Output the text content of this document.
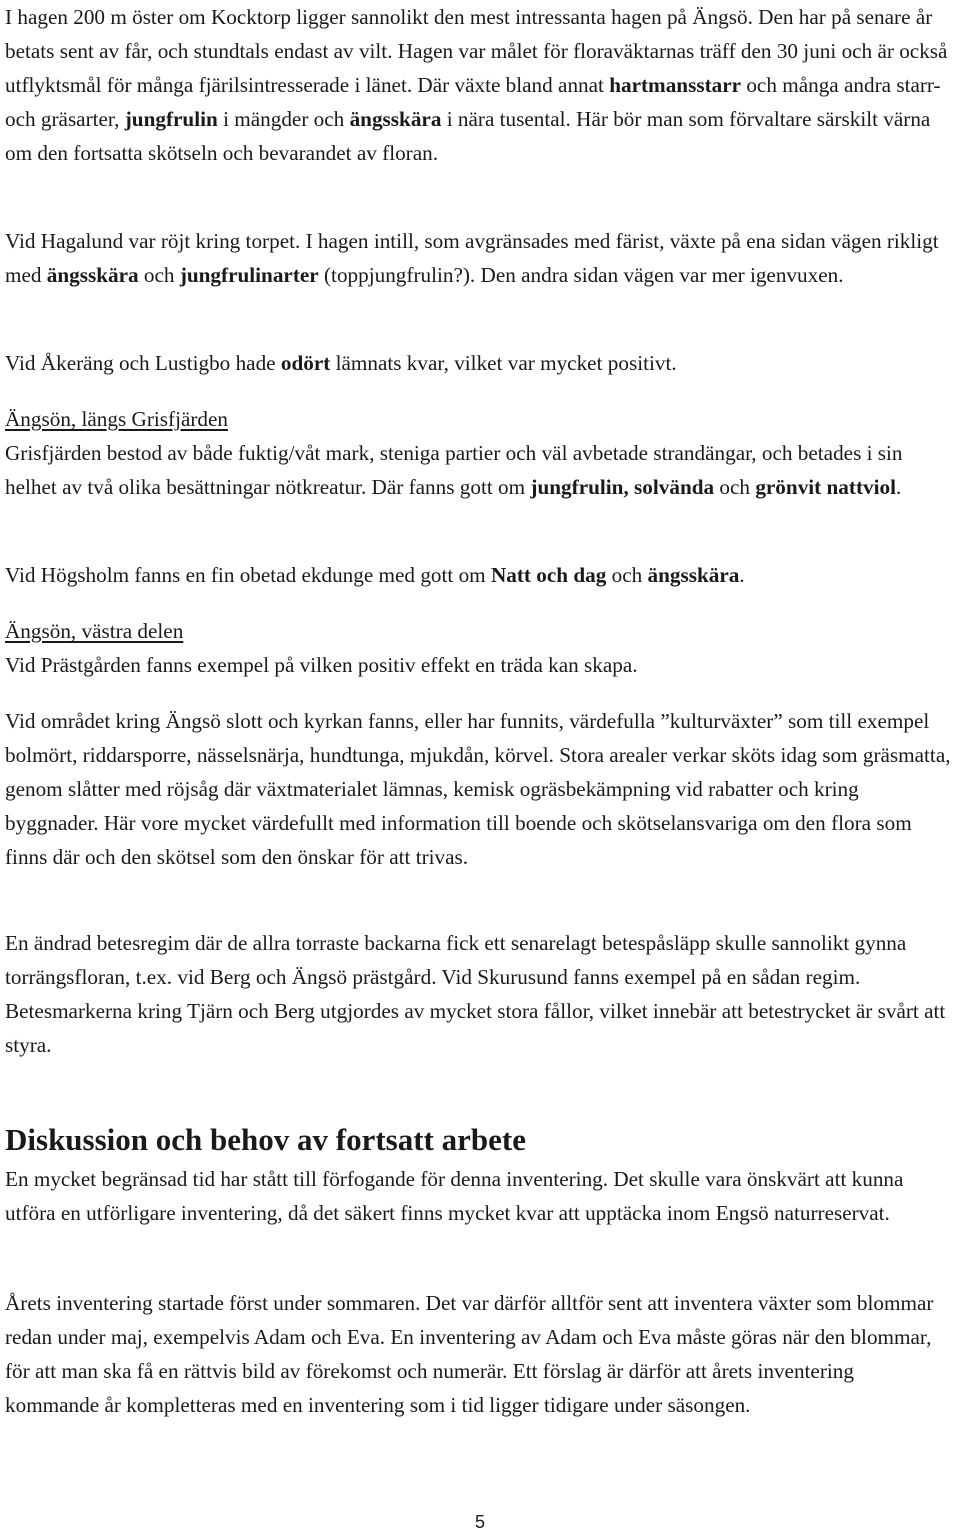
I hagen 200 m öster om Kocktorp ligger sannolikt den mest intressanta hagen på Ängsö. Den har på senare år betats sent av får, och stundtals endast av vilt. Hagen var målet för floraväktarnas träff den 30 juni och är också utflyktsmål för många fjärilsintresserade i länet. Där växte bland annat hartmansstarr och många andra starr- och gräsarter, jungfrulin i mängder och ängsskära i nära tusental. Här bör man som förvaltare särskilt värna om den fortsatta skötseln och bevarandet av floran.

Vid Hagalund var röjt kring torpet. I hagen intill, som avgränsades med färist, växte på ena sidan vägen rikligt med ängsskära och jungfrulinarter (toppjungfrulin?). Den andra sidan vägen var mer igenvuxen.

Vid Åkeräng och Lustigbo hade odört lämnats kvar, vilket var mycket positivt.

Ängsön, längs Grisfjärden

Grisfjärden bestod av både fuktig/våt mark, steniga partier och väl avbetade strandängar, och betades i sin helhet av två olika besättningar nötkreatur. Där fanns gott om jungfrulin, solvända och grönvit nattviol.

Vid Högsholm fanns en fin obetad ekdunge med gott om Natt och dag och ängsskära.

Ängsön, västra delen

Vid Prästgården fanns exempel på vilken positiv effekt en träda kan skapa.

Vid området kring Ängsö slott och kyrkan fanns, eller har funnits, värdefulla ”kulturväxter” som till exempel bolmört, riddarsporre, nässelsnärja, hundtunga, mjukdån, körvel. Stora arealer verkar sköts idag som gräsmatta, genom slåtter med röjsåg där växtmaterialet lämnas, kemisk ogräsbekämpning vid rabatter och kring byggnader. Här vore mycket värdefullt med information till boende och skötselansvariga om den flora som finns där och den skötsel som den önskar för att trivas.

En ändrad betesregim där de allra torraste backarna fick ett senarelagt betespåsläpp skulle sannolikt gynna torrängsfloran, t.ex. vid Berg och Ängsö prästgård. Vid Skurusund fanns exempel på en sådan regim. Betesmarkerna kring Tjärn och Berg utgjordes av mycket stora fållor, vilket innebär att betestrycket är svårt att styra.

Diskussion och behov av fortsatt arbete

En mycket begränsad tid har stått till förfogande för denna inventering. Det skulle vara önskvärt att kunna utföra en utförligare inventering, då det säkert finns mycket kvar att upptäcka inom Engsö naturreservat.

Årets inventering startade först under sommaren. Det var därför alltför sent att inventera växter som blommar redan under maj, exempelvis Adam och Eva. En inventering av Adam och Eva måste göras när den blommar, för att man ska få en rättvis bild av förekomst och numerär. Ett förslag är därför att årets inventering kommande år kompletteras med en inventering som i tid ligger tidigare under säsongen.

5
